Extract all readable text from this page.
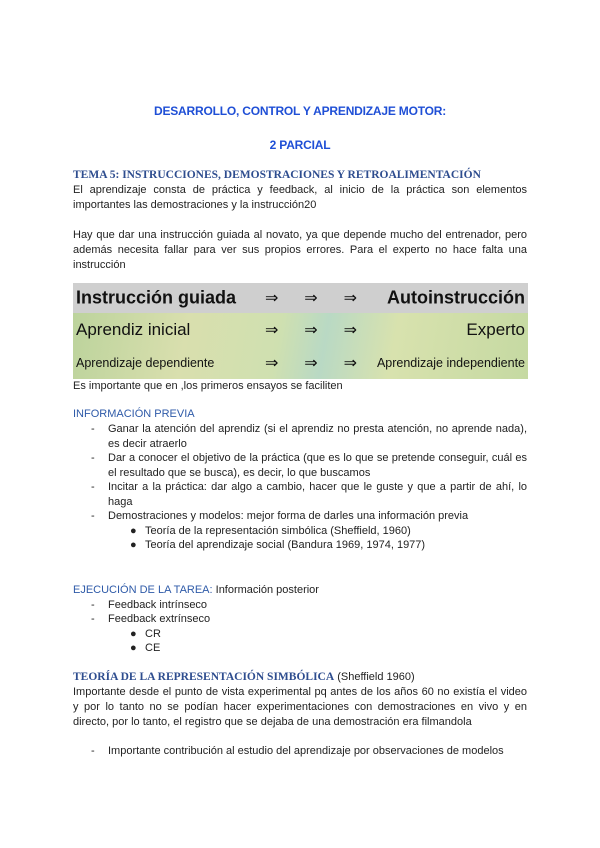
DESARROLLO, CONTROL Y APRENDIZAJE MOTOR:
2 PARCIAL
TEMA 5: INSTRUCCIONES, DEMOSTRACIONES Y RETROALIMENTACIÓN

El aprendizaje consta de práctica y feedback, al inicio de la práctica son elementos importantes las demostraciones y la instrucción20

Hay que dar una instrucción guiada al novato, ya que depende mucho del entrenador, pero además necesita fallar para ver sus propios errores. Para el experto no hace falta una instrucción

Instrucción guiada ⇒ ⇒ ⇒ Autoinstrucción
Aprendiz inicial	⇒ ⇒ ⇒	Experto
Aprendizaje dependiente	⇒ ⇒ ⇒ Aprendizaje independiente
Es importante que en ,los primeros ensayos se faciliten
INFORMACIÓN PREVIA
- Ganar la atención del aprendiz (si el aprendiz no presta atención, no aprende nada), es decir atraerlo
- Dar a conocer el objetivo de la práctica (que es lo que se pretende conseguir, cuál es el resultado que se busca), es decir, lo que buscamos
- Incitar a la práctica: dar algo a cambio, hacer que le guste y que a partir de ahí, lo haga
- Demostraciones y modelos: mejor forma de darles una información previa
● Teoría de la representación simbólica (Sheffield, 1960)
● Teoría del aprendizaje social (Bandura 1969, 1974, 1977)
EJECUCIÓN DE LA TAREA: Información posterior
- Feedback intrínseco
- Feedback extrínseco
● CR
● CE
TEORÍA DE LA REPRESENTACIÓN SIMBÓLICA (Sheffield 1960)

Importante desde el punto de vista experimental pq antes de los años 60 no existía el video y por lo tanto no se podían hacer experimentaciones con demostraciones en vivo y en directo, por lo tanto, el registro que se dejaba de una demostración era filmandola

- Importante contribución al estudio del aprendizaje por observaciones de modelos
